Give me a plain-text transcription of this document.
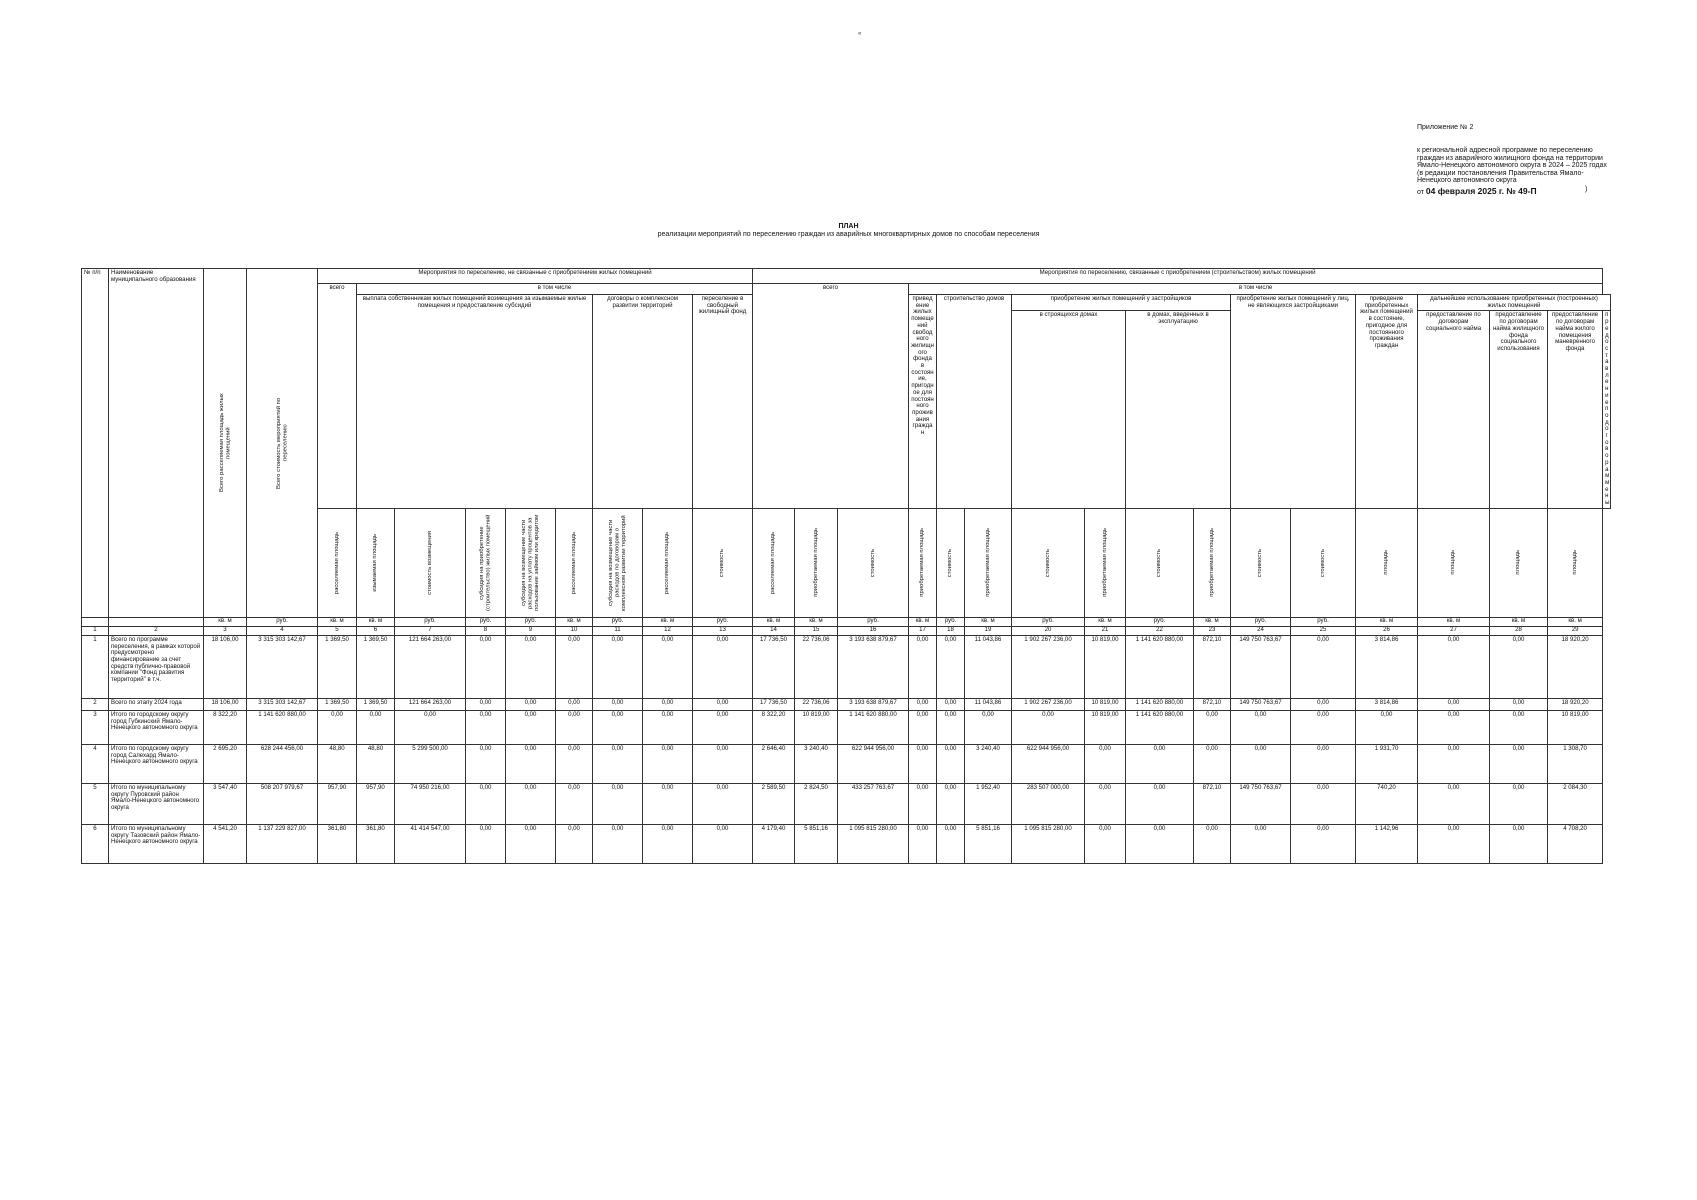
«
Приложение № 2
к региональной адресной программе по переселению граждан из аварийного жилищного фонда на территории Ямало-Ненецкого автономного округа в 2024 – 2025 годах (в редакции постановления Правительства Ямало-Ненецкого автономного округа
от 04 февраля 2025 г. № 49-П	)
ПЛАН
реализации мероприятий по переселению граждан из аварийных многоквартирных домов по способам переселения
№ п/п	Наименование муниципального образования	Всего расселяемая площадь жилых помещений	Всего стоимость мероприятий по переселению	Мероприятия по переселению, не связанные с приобретением жилых помещений									Мероприятия по переселению, связанные с приобретением (строительством) жилых помещений																
				всего	в том числе								всего			в том числе													
					выплата собственникам жилых помещений возмещения за изымаемые жилые помещения и предоставление субсидий					договоры о комплексном развитии территорий		переселение в свободный жилищный фонд				приведение жилых помещений свободного жилищного фонда в состояние, пригодное для постоянного проживания граждан	строительство домов		приобретение жилых помещений у застройщиков				приобретение жилых помещений у лиц, не являющихся застройщиками		приведение приобретенных жилых помещений в состояние, пригодное для постоянного проживания граждан	дальнейшее использование приобретенных (построенных) жилых помещений			
																			в строящихся домах		в домах, введенных в эксплуатацию					предоставление по договорам социального найма	предоставление по договорам найма жилищного фонда социального использования	предоставление по договорам найма жилого помещения маневренного фонда	предоставление по договорам мены

				расселяемая площадь	изымаемая площадь	стоимость возмещения	субсидия на приобретение (строительство) жилых помещений	субсидия на возмещение части расходов на уплату процентов за пользование займом или кредитом	расселяемая площадь	субсидия на возмещение части расходов по договорам о комплексном развитии территорий	расселяемая площадь	стоимость	расселяемая площадь	приобретаемая площадь	стоимость	приобретаемая площадь	стоимость	приобретаемая площадь	стоимость	приобретаемая площадь	стоимость	приобретаемая площадь	стоимость	стоимость	площадь	площадь	площадь	площадь	

		кв. м	руб.	кв. м	кв. м	руб.	руб.	руб.	кв. м	руб.	кв. м	руб.	кв. м	кв. м	руб.	кв. м	руб.	кв. м	руб.	кв. м	руб.	кв. м	руб.	руб.	кв. м	кв. м	кв. м	кв. м	
1	2	3	4	5	6	7	8	9	10	11	12	13	14	15	16	17	18	19	20	21	22	23	24	25	26	27	28	29	
1	Всего по программе переселения, в рамках которой предусмотрено финансирование за счет средств публично-правовой компании "Фонд развития территорий" в т.ч.	18 106,00	3 315 303 142,67	1 369,50	1 369,50	121 664 263,00	0,00	0,00	0,00	0,00	0,00	0,00	17 736,50	22 736,06	3 193 638 879,67	0,00	0,00	11 043,86	1 902 267 236,00	10 819,00	1 141 620 880,00	872,10	149 750 763,67	0,00	3 814,86	0,00	0,00	18 920,20	
2	Всего по этапу 2024 года	18 106,00	3 315 303 142,67	1 369,50	1 369,50	121 664 263,00	0,00	0,00	0,00	0,00	0,00	0,00	17 736,50	22 736,06	3 193 638 879,67	0,00	0,00	11 043,86	1 902 267 236,00	10 819,00	1 141 620 880,00	872,10	149 750 763,67	0,00	3 814,86	0,00	0,00	18 920,20	
3	Итого по городскому округу город Губкинский Ямало-Ненецкого автономного округа	8 322,20	1 141 620 880,00	0,00	0,00	0,00	0,00	0,00	0,00	0,00	0,00	0,00	8 322,20	10 819,00	1 141 620 880,00	0,00	0,00	0,00	0,00	10 819,00	1 141 620 880,00	0,00	0,00	0,00	0,00	0,00	0,00	10 819,00	
4	Итого по городскому округу город Салехард Ямало-Ненецкого автономного округа	2 695,20	628 244 456,00	48,80	48,80	5 299 500,00	0,00	0,00	0,00	0,00	0,00	0,00	2 646,40	3 240,40	622 944 956,00	0,00	0,00	3 240,40	622 944 956,00	0,00	0,00	0,00	0,00	0,00	1 931,70	0,00	0,00	1 308,70	
5	Итого по муниципальному округу Пуровский район Ямало-Ненецкого автономного округа	3 547,40	508 207 979,67	957,90	957,90	74 950 216,00	0,00	0,00	0,00	0,00	0,00	0,00	2 589,50	2 824,50	433 257 763,67	0,00	0,00	1 952,40	283 507 000,00	0,00	0,00	872,10	149 750 763,67	0,00	740,20	0,00	0,00	2 084,30	
6	Итого по муниципальному округу Тазовский район Ямало-Ненецкого автономного округа	4 541,20	1 137 229 827,00	361,80	361,80	41 414 547,00	0,00	0,00	0,00	0,00	0,00	0,00	4 179,40	5 851,16	1 095 815 280,00	0,00	0,00	5 851,16	1 095 815 280,00	0,00	0,00	0,00	0,00	0,00	1 142,96	0,00	0,00	4 708,20	
